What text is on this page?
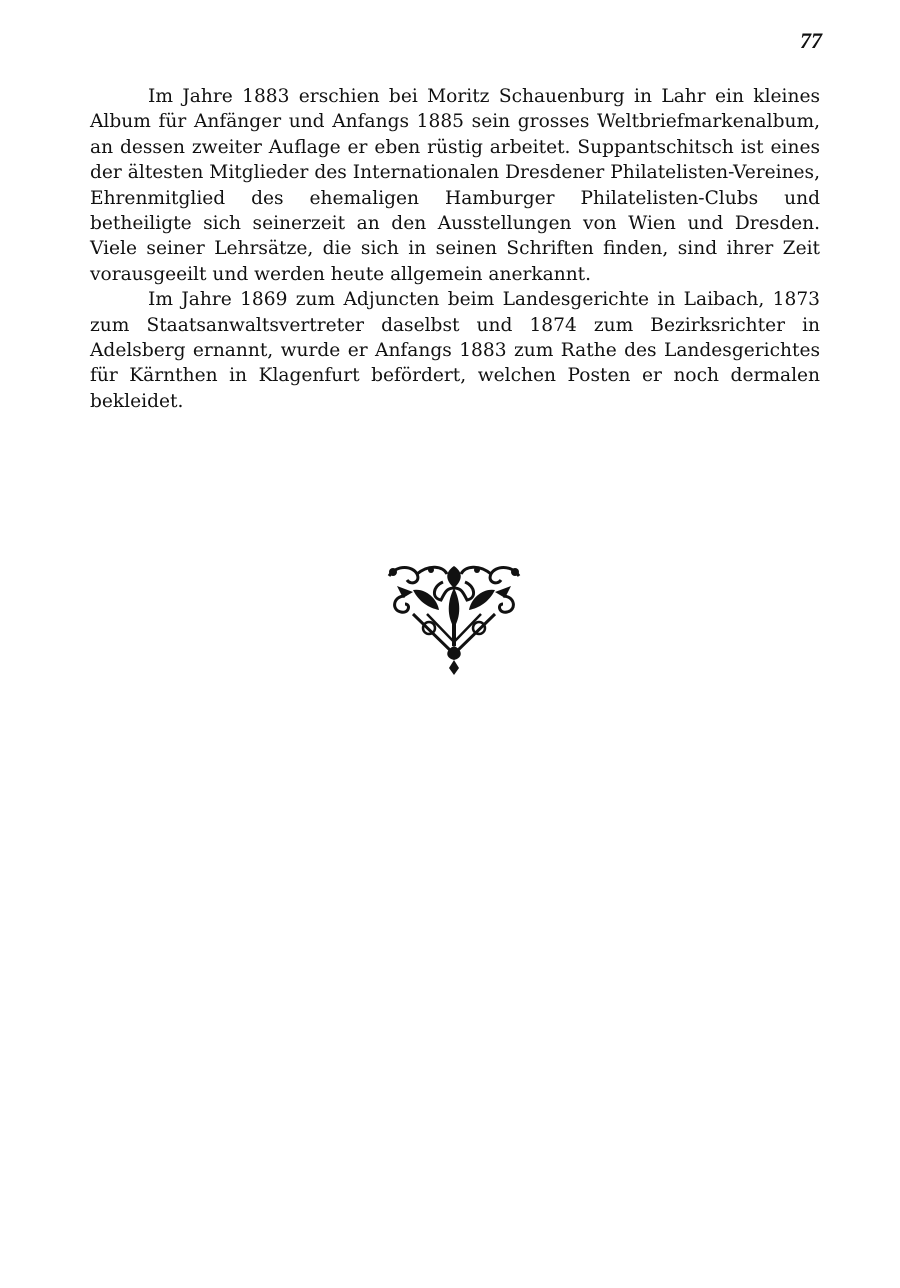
77

Im Jahre 1883 erschien bei Moritz Schauenburg in Lahr ein kleines Album für Anfänger und Anfangs 1885 sein grosses Weltbriefmarkenalbum, an dessen zweiter Auflage er eben rüstig arbeitet. Suppantschitsch ist eines der ältesten Mitglieder des Internationalen Dresdener Philatelisten-Vereines, Ehrenmitglied des ehemaligen Hamburger Philatelisten-Clubs und betheiligte sich seinerzeit an den Ausstellungen von Wien und Dresden. Viele seiner Lehrsätze, die sich in seinen Schriften finden, sind ihrer Zeit vorausgeeilt und werden heute allgemein anerkannt.

Im Jahre 1869 zum Adjuncten beim Landesgerichte in Laibach, 1873 zum Staatsanwaltsvertreter daselbst und 1874 zum Bezirksrichter in Adelsberg ernannt, wurde er Anfangs 1883 zum Rathe des Landesgerichtes für Kärnthen in Klagenfurt befördert, welchen Posten er noch dermalen bekleidet.
